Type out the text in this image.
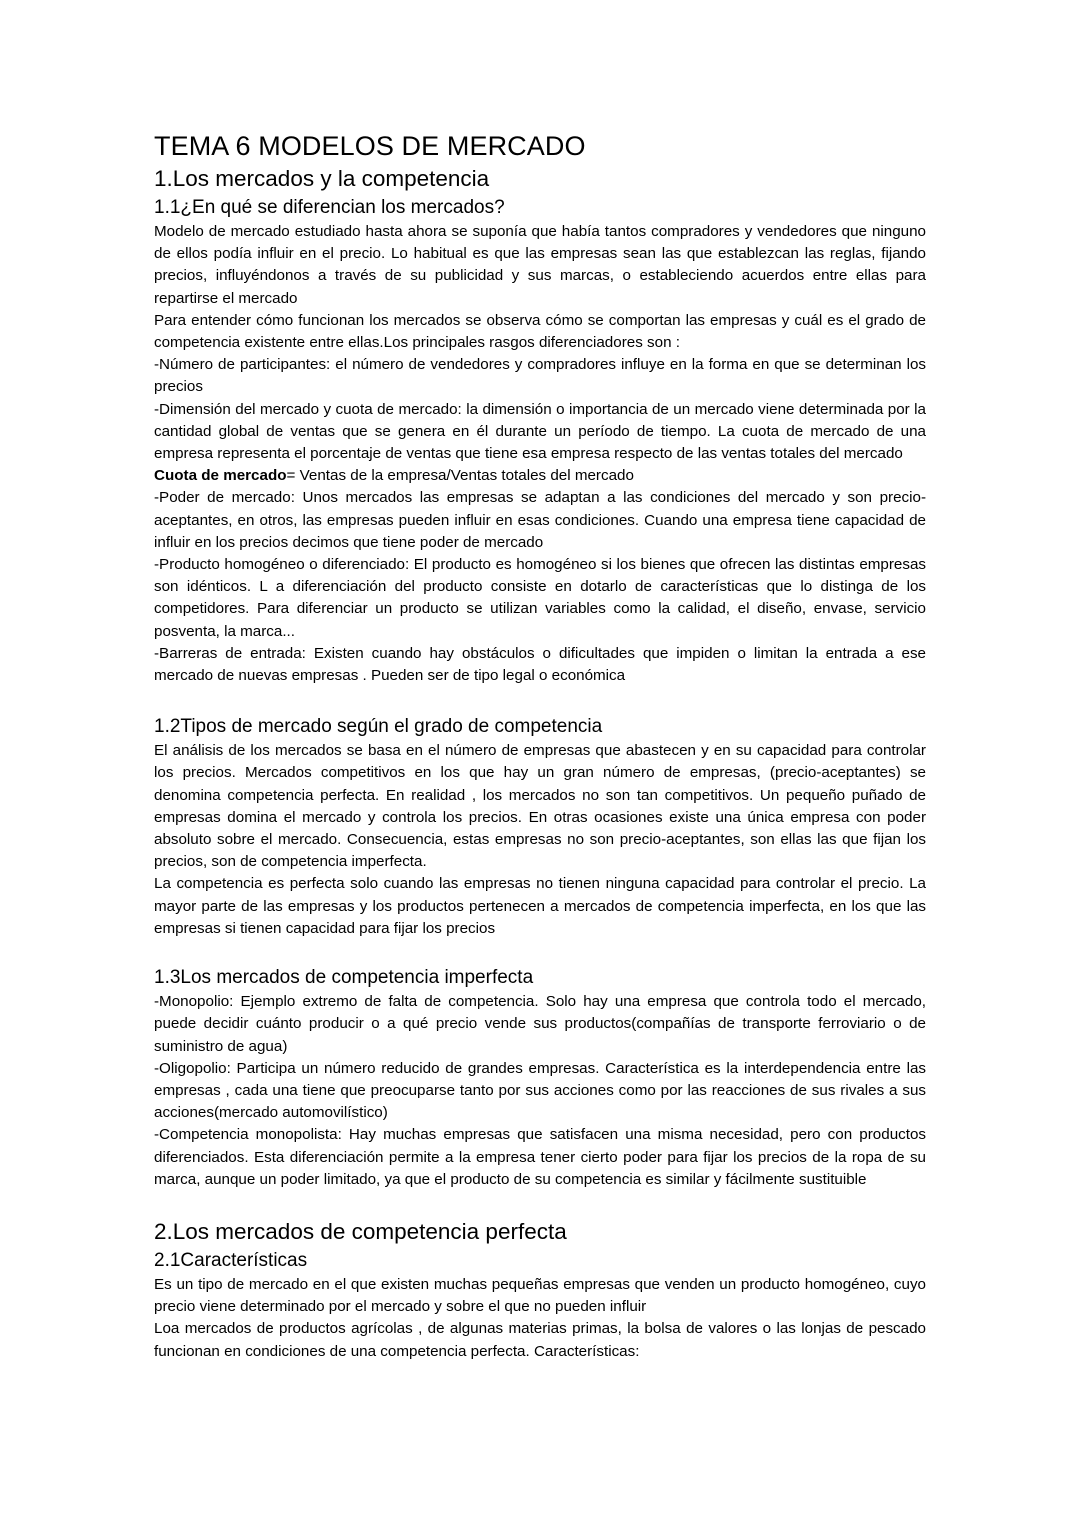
TEMA 6 MODELOS DE MERCADO
1.Los mercados y la competencia
1.1¿En qué se diferencian los mercados?

Modelo de mercado estudiado hasta ahora se suponía que había tantos compradores y vendedores que ninguno de ellos podía influir en el precio. Lo habitual es que las empresas sean las que establezcan las reglas, fijando precios, influyéndonos a través de su publicidad y sus marcas, o estableciendo acuerdos entre ellas para repartirse el mercado

Para entender cómo funcionan los mercados se observa cómo se comportan las empresas y cuál es el grado de competencia existente entre ellas.Los principales rasgos diferenciadores son :

-Número de participantes: el número de vendedores y compradores influye en la forma en que se determinan los precios

-Dimensión del mercado y cuota de mercado: la dimensión o importancia de un mercado viene determinada por la cantidad global de ventas que se genera en él durante un período de tiempo. La cuota de mercado de una empresa representa el porcentaje de ventas que tiene esa empresa respecto de las ventas totales del mercado

Cuota de mercado= Ventas de la empresa/Ventas totales del mercado

-Poder de mercado: Unos mercados las empresas se adaptan a las condiciones del mercado y son precio-aceptantes, en otros, las empresas pueden influir en esas condiciones. Cuando una empresa tiene capacidad de influir en los precios decimos que tiene poder de mercado

-Producto homogéneo o diferenciado: El producto es homogéneo si los bienes que ofrecen las distintas empresas son idénticos. L a diferenciación del producto consiste en dotarlo de características que lo distinga de los competidores. Para diferenciar un producto se utilizan variables como la calidad, el diseño, envase, servicio posventa, la marca...

-Barreras de entrada: Existen cuando hay obstáculos o dificultades que impiden o limitan la entrada a ese mercado de nuevas empresas . Pueden ser de tipo legal o económica

1.2Tipos de mercado según el grado de competencia

El análisis de los mercados se basa en el número de empresas que abastecen y en su capacidad para controlar los precios. Mercados competitivos en los que hay un gran número de empresas, (precio-aceptantes) se denomina competencia perfecta. En realidad , los mercados no son tan competitivos. Un pequeño puñado de empresas domina el mercado y controla los precios. En otras ocasiones existe una única empresa con poder absoluto sobre el mercado. Consecuencia, estas empresas no son precio-aceptantes, son ellas las que fijan los precios, son de competencia imperfecta.

La competencia es perfecta solo cuando las empresas no tienen ninguna capacidad para controlar el precio. La mayor parte de las empresas y los productos pertenecen a mercados de competencia imperfecta, en los que las empresas si tienen capacidad para fijar los precios

1.3Los mercados de competencia imperfecta

-Monopolio: Ejemplo extremo de falta de competencia. Solo hay una empresa que controla todo el mercado, puede decidir cuánto producir o a qué precio vende sus productos(compañías de transporte ferroviario o de suministro de agua)

-Oligopolio: Participa un número reducido de grandes empresas. Característica es la interdependencia entre las empresas , cada una tiene que preocuparse tanto por sus acciones como por las reacciones de sus rivales a sus acciones(mercado automovilístico)

-Competencia monopolista: Hay muchas empresas que satisfacen una misma necesidad, pero con productos diferenciados. Esta diferenciación permite a la empresa tener cierto poder para fijar los precios de la ropa de su marca, aunque un poder limitado, ya que el producto de su competencia es similar y fácilmente sustituible

2.Los mercados de competencia perfecta
2.1Características

Es un tipo de mercado en el que existen muchas pequeñas empresas que venden un producto homogéneo, cuyo precio viene determinado por el mercado y sobre el que no pueden influir

Loa mercados de productos agrícolas , de algunas materias primas, la bolsa de valores o las lonjas de pescado funcionan en condiciones de una competencia perfecta. Características:
